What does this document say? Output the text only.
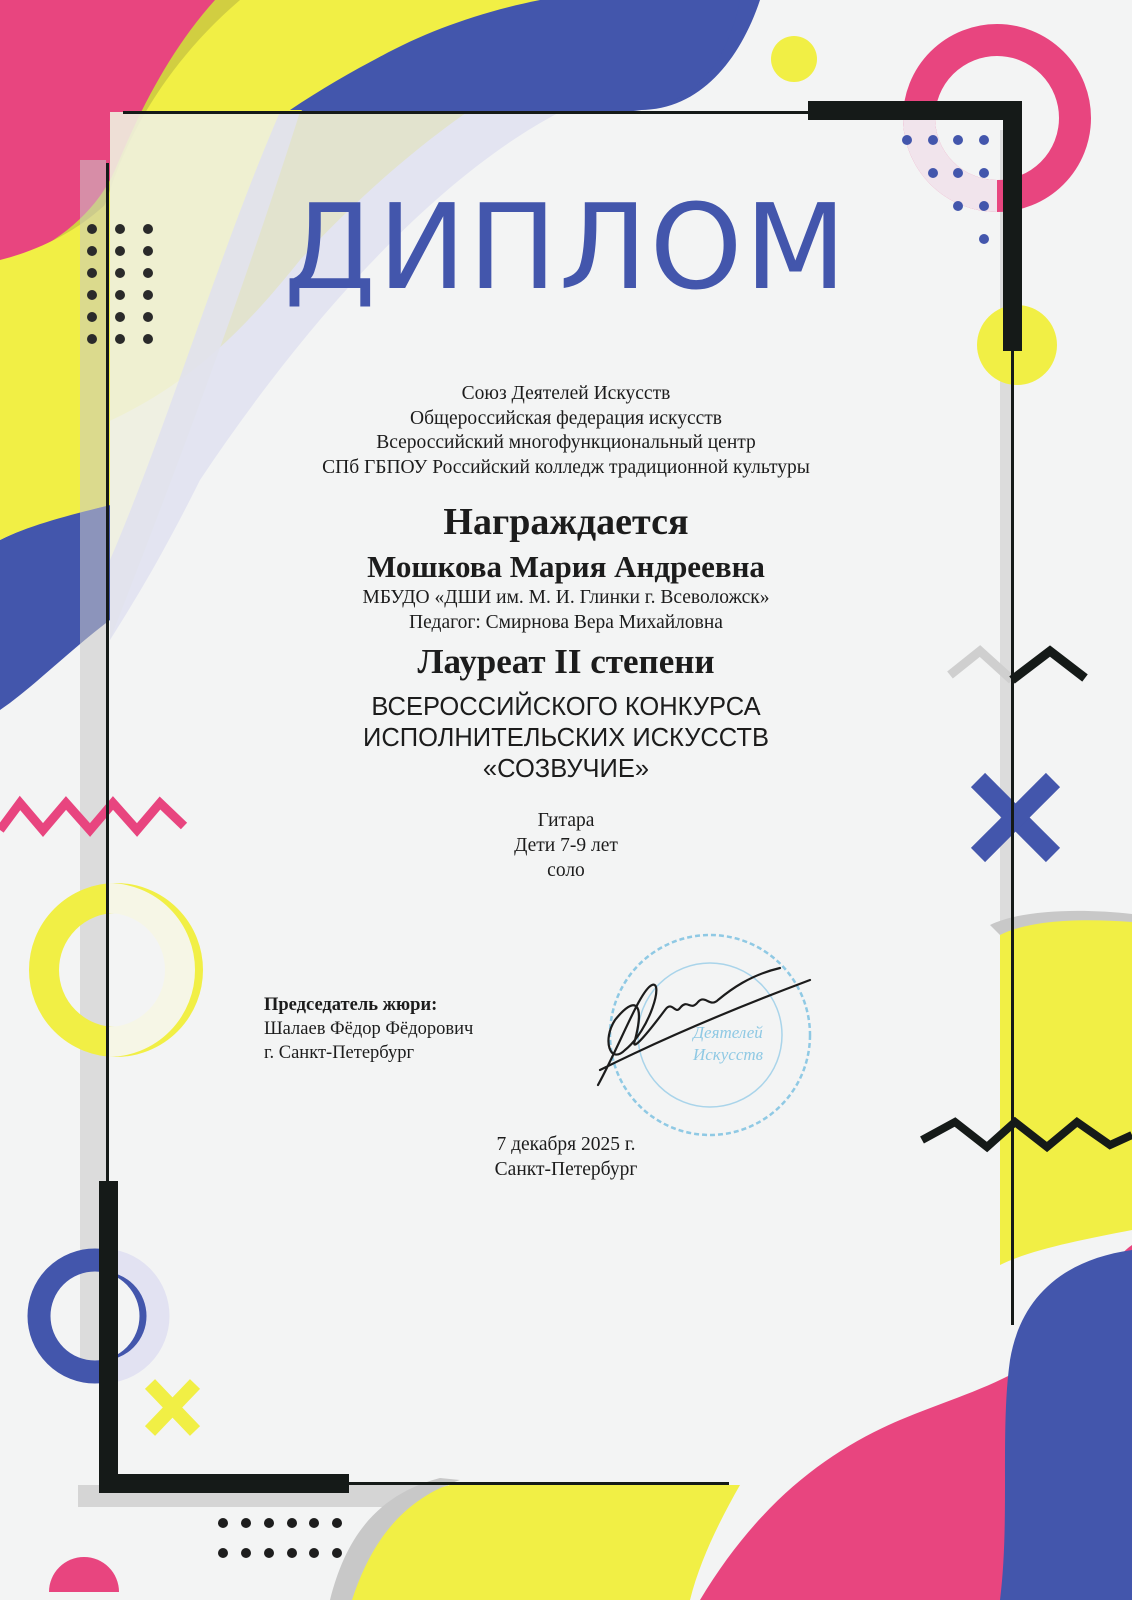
Деятелей
Искусств
ДИПЛОМ
Союз Деятелей Искусств
Общероссийская федерация искусств
Всероссийский многофункциональный центр
СПб ГБПОУ Российский колледж традиционной культуры
Награждается
Мошкова Мария Андреевна
МБУДО «ДШИ им. М. И. Глинки г. Всеволожск»
Педагог: Смирнова Вера Михайловна
Лауреат II степени
ВСЕРОССИЙСКОГО КОНКУРСА
ИСПОЛНИТЕЛЬСКИХ ИСКУССТВ
«СОЗВУЧИЕ»
Гитара
Дети 7-9 лет
соло
Председатель жюри:
Шалаев Фёдор Фёдорович
г. Санкт-Петербург
7 декабря 2025 г.
Санкт-Петербург
